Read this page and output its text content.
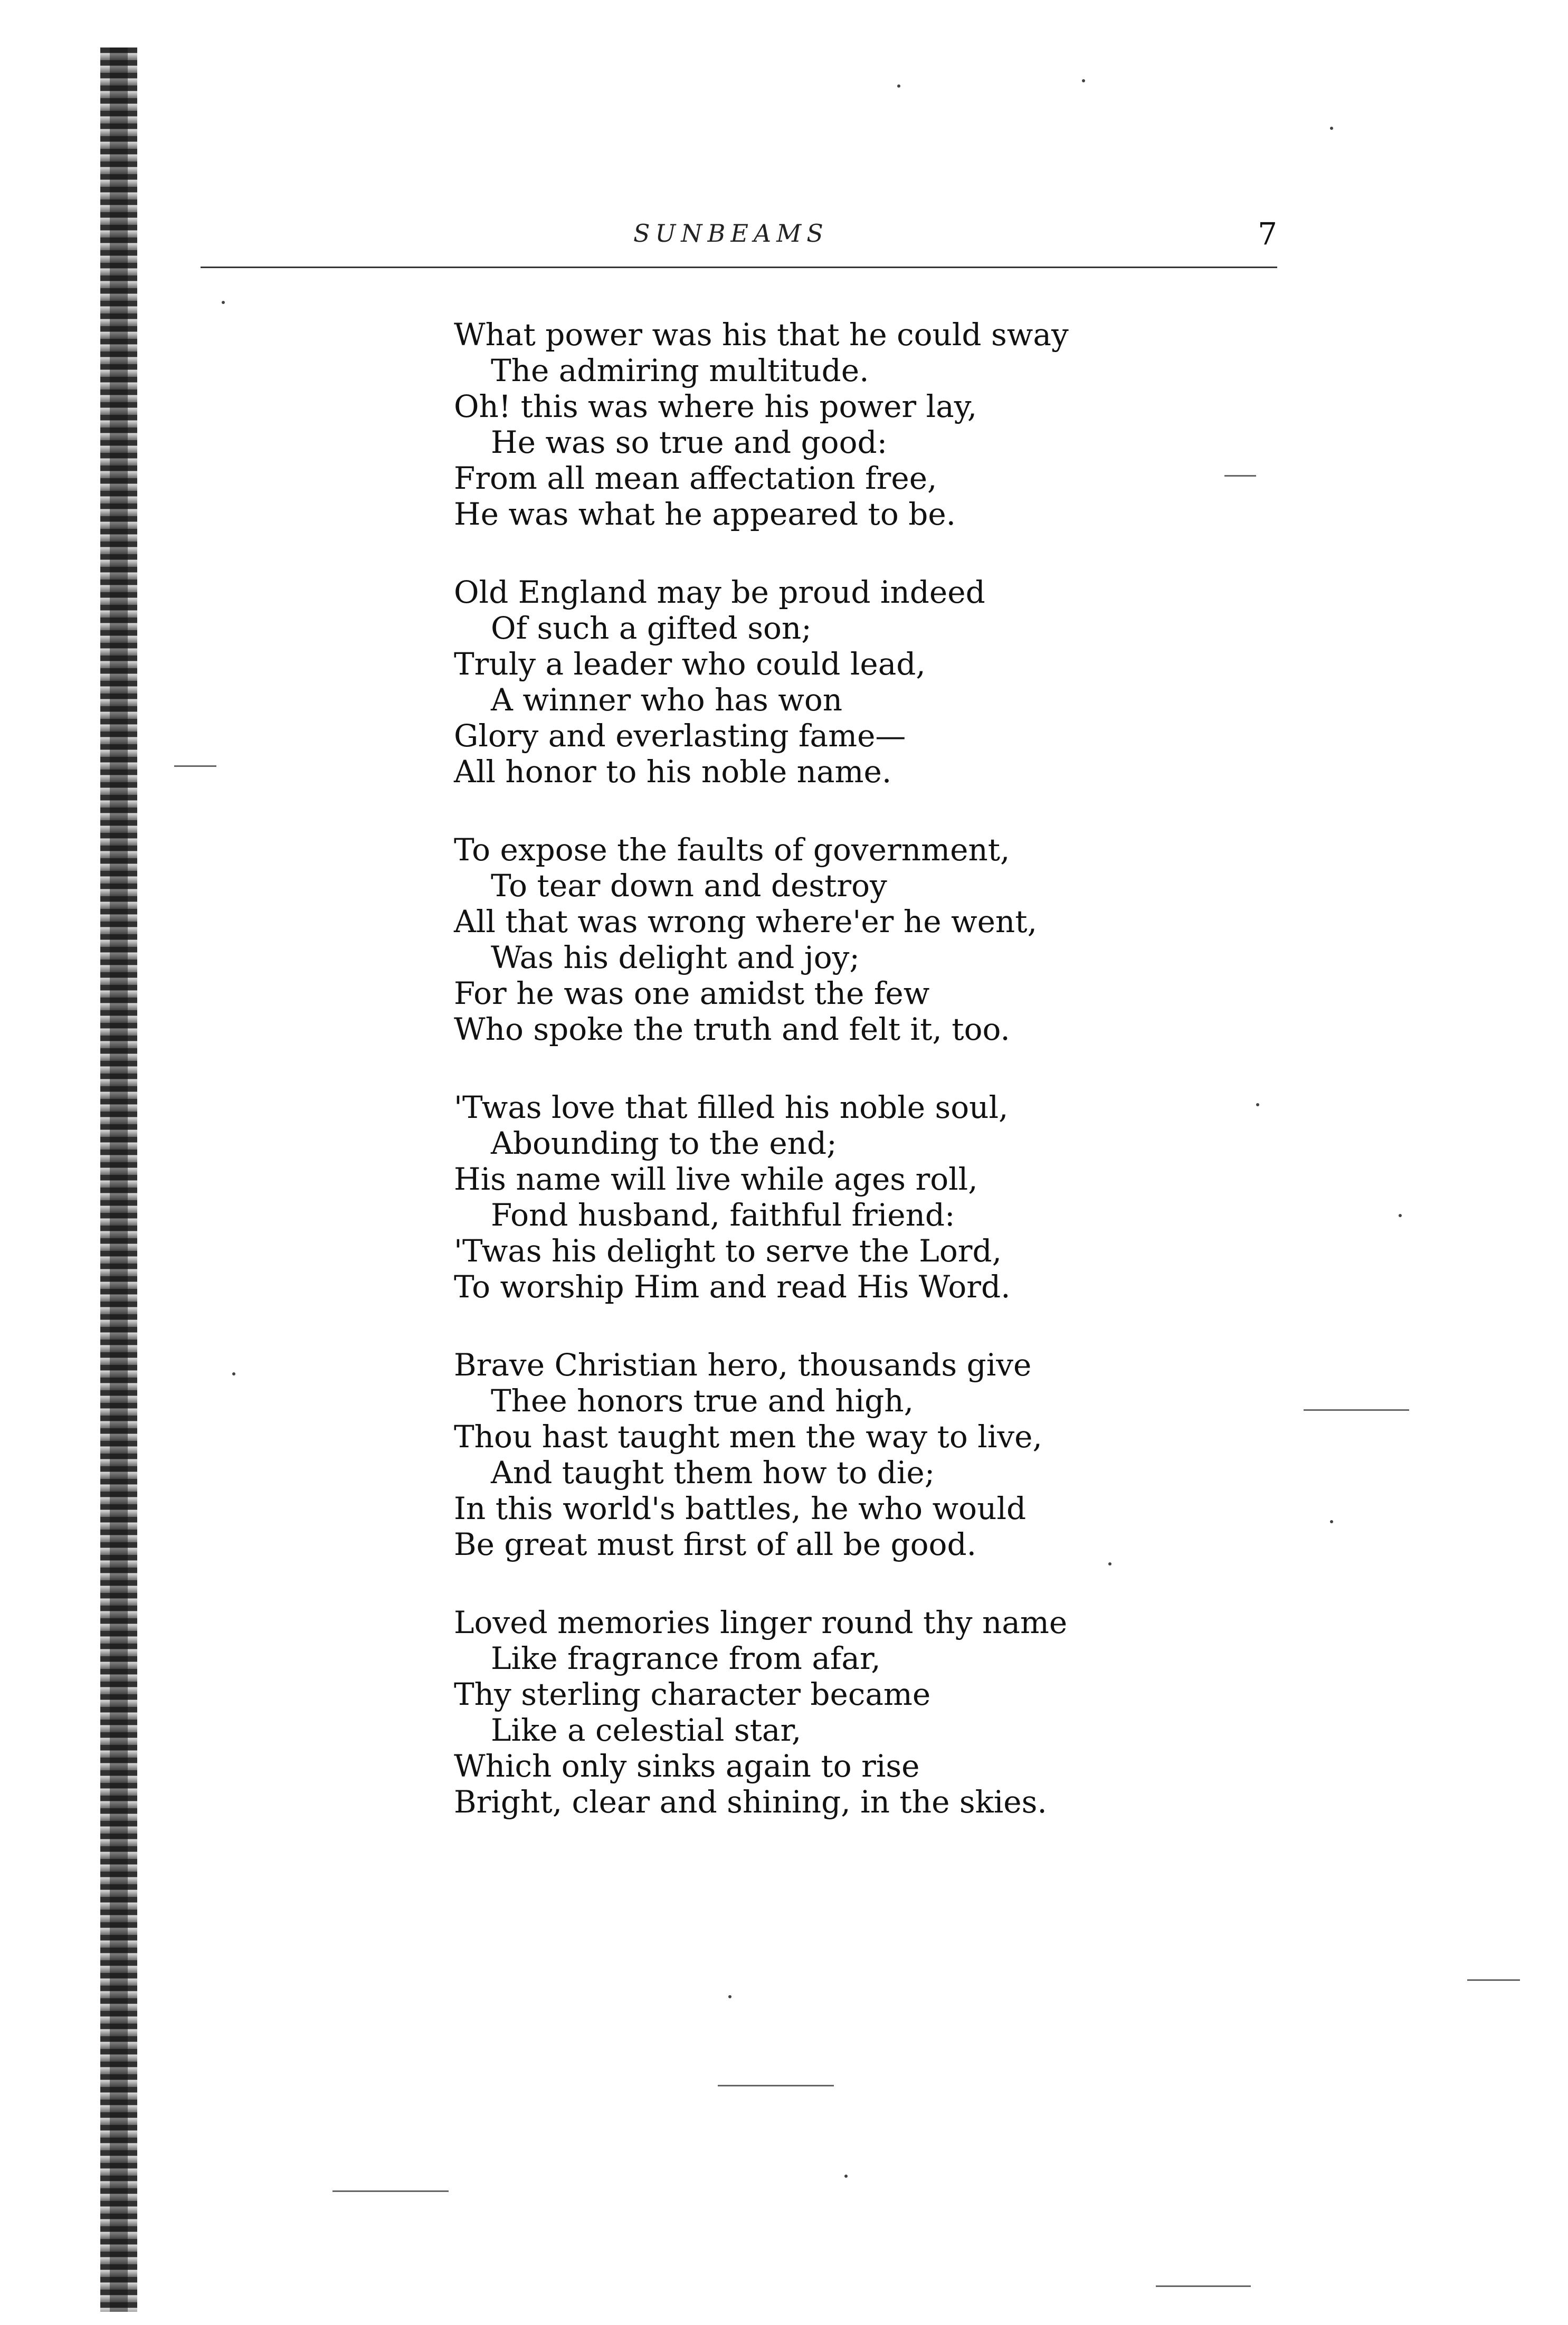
SUNBEAMS	7
What power was his that he could sway
The admiring multitude.
Oh! this was where his power lay,
He was so true and good:
From all mean affectation free,
He was what he appeared to be.
Old England may be proud indeed
Of such a gifted son;
Truly a leader who could lead,
A winner who has won
Glory and everlasting fame—
All honor to his noble name.
To expose the faults of government,
To tear down and destroy
All that was wrong where'er he went,
Was his delight and joy;
For he was one amidst the few
Who spoke the truth and felt it, too.
'Twas love that filled his noble soul,
Abounding to the end;
His name will live while ages roll,
Fond husband, faithful friend:
'Twas his delight to serve the Lord,
To worship Him and read His Word.
Brave Christian hero, thousands give
Thee honors true and high,
Thou hast taught men the way to live,
And taught them how to die;
In this world's battles, he who would
Be great must first of all be good.
Loved memories linger round thy name
Like fragrance from afar,
Thy sterling character became
Like a celestial star,
Which only sinks again to rise
Bright, clear and shining, in the skies.
